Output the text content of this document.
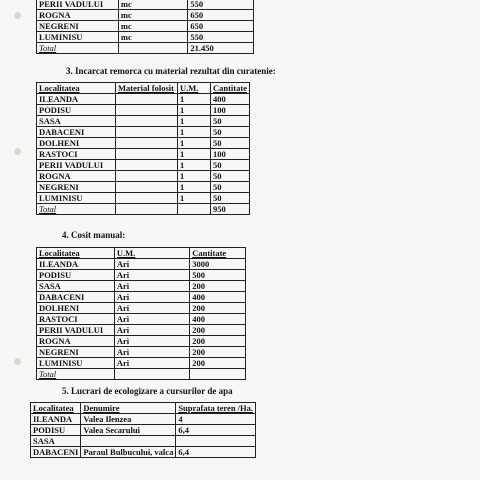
PERII VADULUI	mc	550
ROGNA	mc	650
NEGRENI	mc	650
LUMINISU	mc	550
Total		21.450
3. Incarcat remorca cu material rezultat din curatenie:
Localitatea	Material folosit	U.M.	Cantitate
ILEANDA		1	400
PODISU		1	100
SASA		1	50
DABACENI		1	50
DOLHENI		1	50
RASTOCI		1	100
PERII VADULUI		1	50
ROGNA		1	50
NEGRENI		1	50
LUMINISU		1	50
Total			950
4. Cosit manual:
Localitatea	U.M.	Cantitate
ILEANDA	Ari	3000
PODISU	Ari	500
SASA	Ari	200
DABACENI	Ari	400
DOLHENI	Ari	200
RASTOCI	Ari	400
PERII VADULUI	Ari	200
ROGNA	Ari	200
NEGRENI	Ari	200
LUMINISU	Ari	200
Total		
5. Lucrari de ecologizare a cursurilor de apa
Localitatea	Denumire	Suprafata teren /Ha.
ILEANDA	Valea Ilenzea	4
PODISU	Valea Secarului	6,4
SASA		
DABACENI	Paraul Bulbucului, valca	6,4
